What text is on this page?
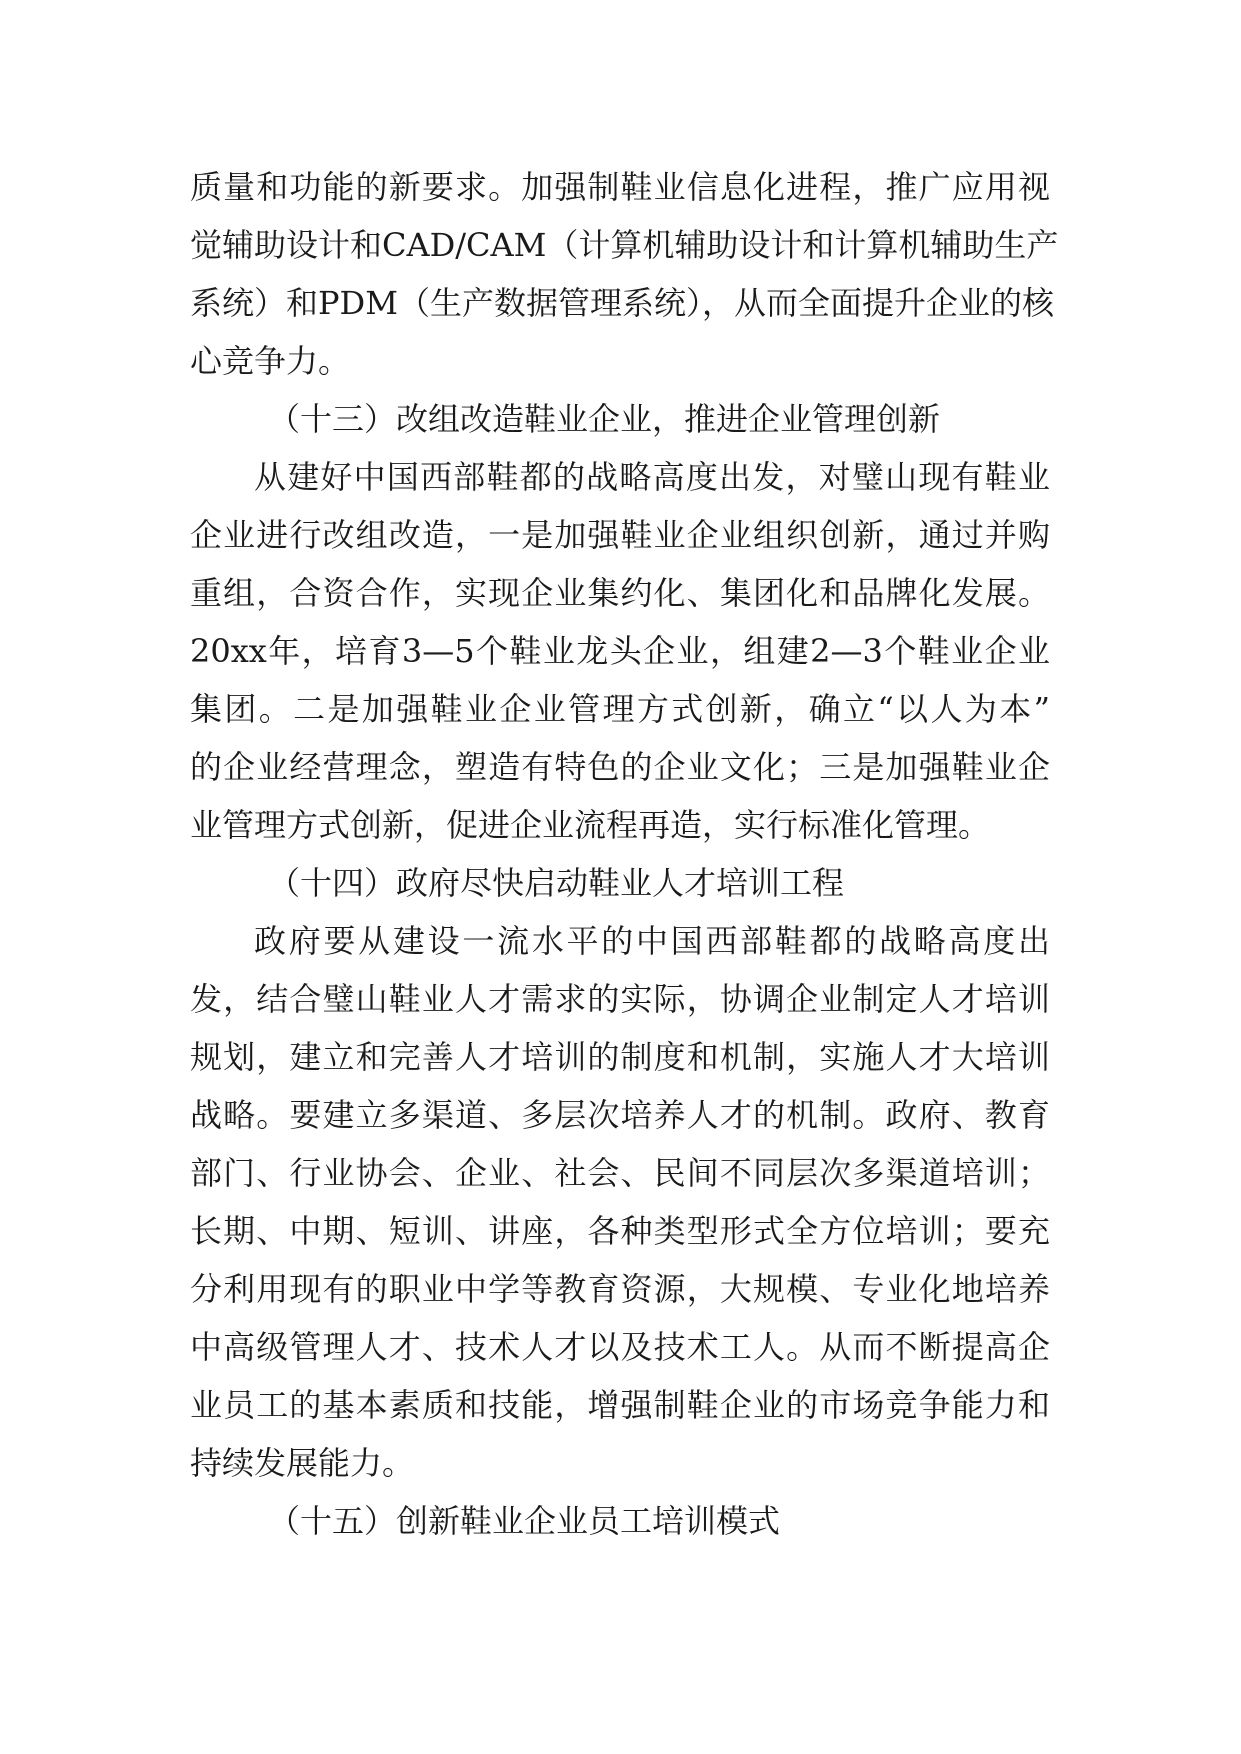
质量和功能的新要求。加强制鞋业信息化进程，推广应用视
觉辅助设计和CAD/CAM（计算机辅助设计和计算机辅助生产
系统）和PDM（生产数据管理系统），从而全面提升企业的核
心竞争力。
（十三）改组改造鞋业企业，推进企业管理创新
从建好中国西部鞋都的战略高度出发，对璧山现有鞋业
企业进行改组改造，一是加强鞋业企业组织创新，通过并购
重组，合资合作，实现企业集约化、集团化和品牌化发展。
20xx年，培育3—5个鞋业龙头企业，组建2—3个鞋业企业
集团。二是加强鞋业企业管理方式创新，确立“以人为本”
的企业经营理念，塑造有特色的企业文化；三是加强鞋业企
业管理方式创新，促进企业流程再造，实行标准化管理。
（十四）政府尽快启动鞋业人才培训工程
政府要从建设一流水平的中国西部鞋都的战略高度出
发，结合璧山鞋业人才需求的实际，协调企业制定人才培训
规划，建立和完善人才培训的制度和机制，实施人才大培训
战略。要建立多渠道、多层次培养人才的机制。政府、教育
部门、行业协会、企业、社会、民间不同层次多渠道培训；
长期、中期、短训、讲座，各种类型形式全方位培训；要充
分利用现有的职业中学等教育资源，大规模、专业化地培养
中高级管理人才、技术人才以及技术工人。从而不断提高企
业员工的基本素质和技能，增强制鞋企业的市场竞争能力和
持续发展能力。
（十五）创新鞋业企业员工培训模式
